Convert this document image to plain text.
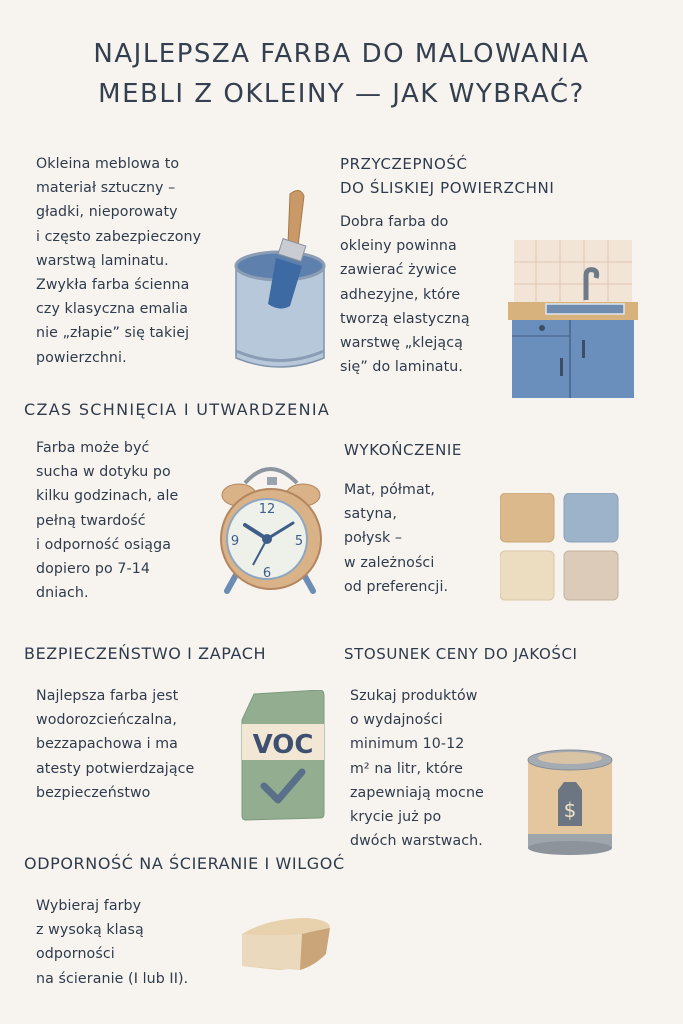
NAJLEPSZA FARBA DO MALOWANIA
MEBLI Z OKLEINY — JAK WYBRAĆ?
Okleina meblowa to
materiał sztuczny –
gładki, nieporowaty
i często zabezpieczony
warstwą laminatu.
Zwykła farba ścienna
czy klasyczna emalia
nie „złapie” się takiej
powierzchni.
PRZYCZEPNOŚĆ
DO ŚLISKIEJ POWIERZCHNI
Dobra farba do
okleiny powinna
zawierać żywice
adhezyjne, które
tworzą elastyczną
warstwę „klejącą
się” do laminatu.
CZAS SCHNIĘCIA I UTWARDZENIA
Farba może być
sucha w dotyku po
kilku godzinach, ale
pełną twardość
i odporność osiąga
dopiero po 7-14
dniach.
12
9	5
6
WYKOŃCZENIE
Mat, półmat,
satyna,
połysk –
w zależności
od preferencji.
BEZPIECZEŃSTWO I ZAPACH
Najlepsza farba jest
wodorozcieńczalna,
bezzapachowa i ma
atesty potwierdzające
bezpieczeństwo
VOC
STOSUNEK CENY DO JAKOŚCI
Szukaj produktów
o wydajności
minimum 10-12
m² na litr, które
zapewniają mocne
krycie już po
dwóch warstwach.
$
ODPORNOŚĆ NA ŚCIERANIE I WILGOĆ
Wybieraj farby
z wysoką klasą
odporności
na ścieranie (I lub II).
